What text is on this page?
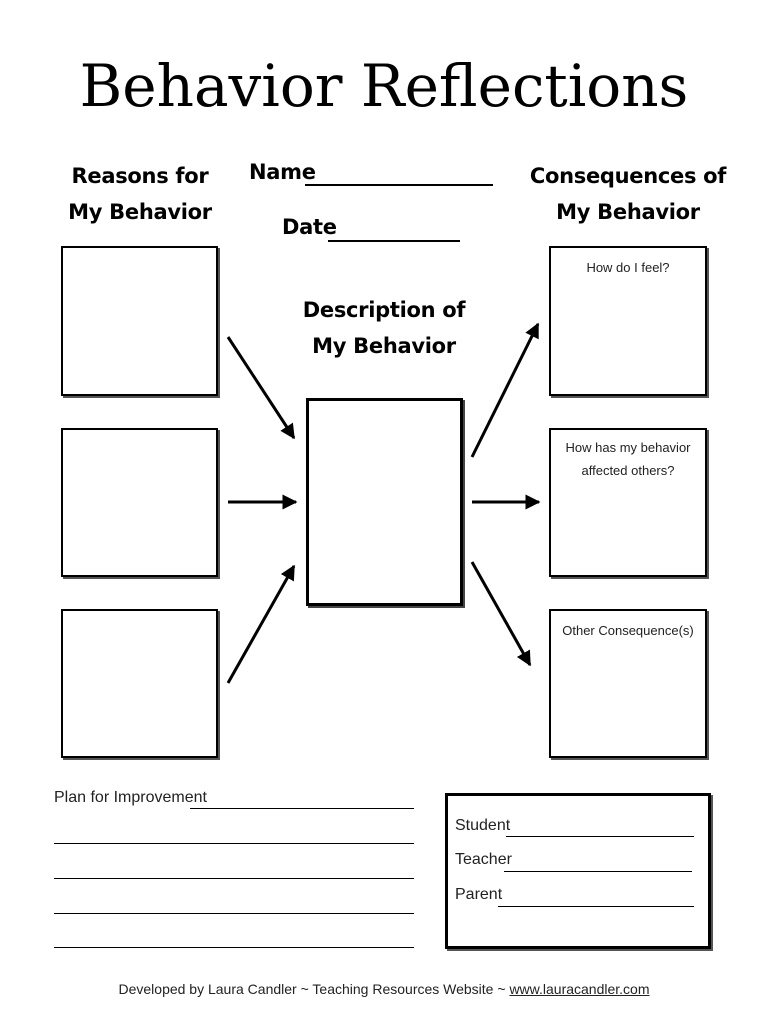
Behavior Reflections
Reasons for
My Behavior
Consequences of
My Behavior
Name
Date
Description of
My Behavior
How do I feel?
How has my behavior
affected others?
Other Consequence(s)
Plan for Improvement
Student
Teacher
Parent
Developed by Laura Candler ~ Teaching Resources Website ~ www.lauracandler.com
